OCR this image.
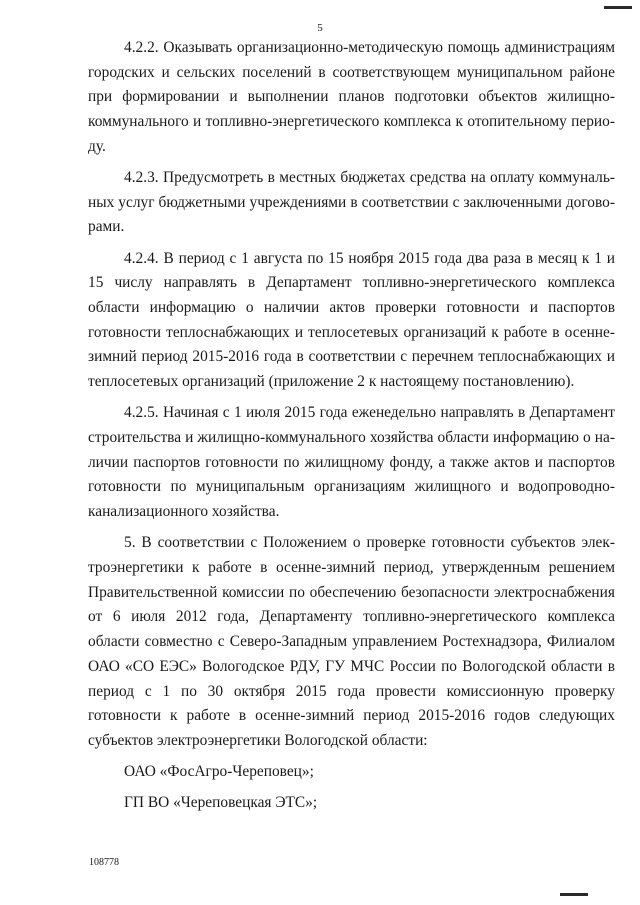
5

4.2.2. Оказывать организационно-методическую помощь администрациям городских и сельских поселений в соответствующем муниципальном районе при формировании и выполнении планов подготовки объектов жилищно-коммунального и топливно-энергетического комплекса к отопительному периоду.

4.2.3. Предусмотреть в местных бюджетах средства на оплату коммунальных услуг бюджетными учреждениями в соответствии с заключенными договорами.

4.2.4. В период с 1 августа по 15 ноября 2015 года два раза в месяц к 1 и 15 числу направлять в Департамент топливно-энергетического комплекса области информацию о наличии актов проверки готовности и паспортов готовности теплоснабжающих и теплосетевых организаций к работе в осенне-зимний период 2015-2016 года в соответствии с перечнем теплоснабжающих и теплосетевых организаций (приложение 2 к настоящему постановлению).

4.2.5. Начиная с 1 июля 2015 года еженедельно направлять в Департамент строительства и жилищно-коммунального хозяйства области информацию о наличии паспортов готовности по жилищному фонду, а также актов и паспортов готовности по муниципальным организациям жилищного и водопроводно-канализационного хозяйства.

5. В соответствии с Положением о проверке готовности субъектов электроэнергетики к работе в осенне-зимний период, утвержденным решением Правительственной комиссии по обеспечению безопасности электроснабжения от 6 июля 2012 года, Департаменту топливно-энергетического комплекса области совместно с Северо-Западным управлением Ростехнадзора, Филиалом ОАО «СО ЕЭС» Вологодское РДУ, ГУ МЧС России по Вологодской области в период с 1 по 30 октября 2015 года провести комиссионную проверку готовности к работе в осенне-зимний период 2015-2016 годов следующих субъектов электроэнергетики Вологодской области:

ОАО «ФосАгро-Череповец»;

ГП ВО «Череповецкая ЭТС»;

108778
